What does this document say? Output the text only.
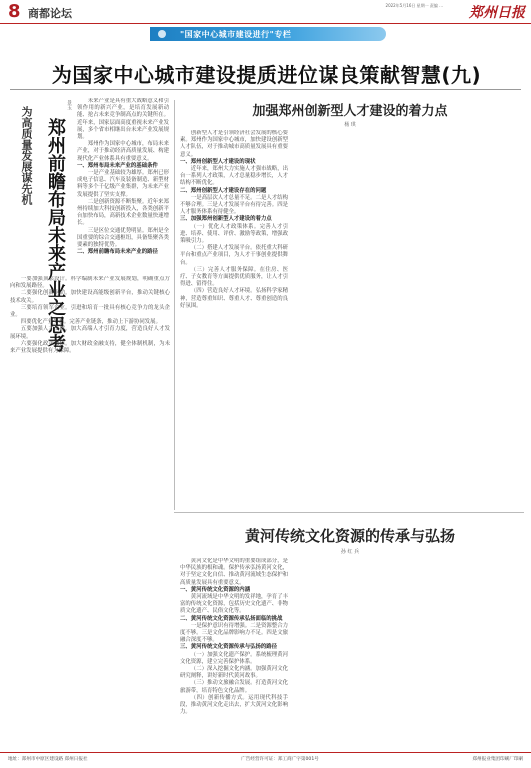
8 商都论坛
2022年5月16日 星期一 责编 ... 郑州日报
"国家中心城市建设进行"专栏
为国家中心城市建设提质进位谋良策献智慧(九)
为高质量发展谋先机 郑州前瞻布局未来产业之思考
景玉	未来产业是具有重大战略意义和引领作用的新兴产业，是培育发展新动能、抢占未来竞争制高点的关键所在。近年来，国家层面高度重视未来产业发展，多个省市相继出台未来产业发展规划。

郑州作为国家中心城市，布局未来产业，对于推动经济高质量发展、构建现代化产业体系具有重要意义。

一、郑州布局未来产业的基础条件

一是产业基础较为雄厚。郑州已形成电子信息、汽车及装备制造、新型材料等多个千亿级产业集群，为未来产业发展提供了坚实支撑。

二是创新资源不断集聚。近年来郑州持续加大科技创新投入，各类创新平台加快布局，高新技术企业数量快速增长。

三是区位交通优势明显。郑州是全国重要的综合交通枢纽，具备集聚各类要素的独特优势。

二、郑州前瞻布局未来产业的路径

一要加强顶层设计。科学编制未来产业发展规划，明确重点方向和发展路径。

二要强化创新驱动。加快建设高能级创新平台，推动关键核心技术攻关。

三要培育领军企业。引进和培育一批具有核心竞争力的龙头企业。

四要优化产业生态。完善产业链条，推动上下游协同发展。

五要加强人才支撑。加大高端人才引育力度，营造良好人才发展环境。

六要强化政策保障。加大财政金融支持，健全体制机制，为未来产业发展提供有力保障。

加强郑州创新型人才建设的着力点
杨 琪

创新型人才是引领经济社会发展的核心要素。郑州作为国家中心城市，加快建设创新型人才队伍，对于推动城市高质量发展具有重要意义。

一、郑州创新型人才建设的现状

近年来，郑州大力实施人才强市战略，出台一系列人才政策，人才总量稳步增长，人才结构不断优化。

二、郑州创新型人才建设存在的问题

一是高层次人才总量不足。二是人才结构不够合理。三是人才发展平台有待完善。四是人才服务体系有待健全。

三、加强郑州创新型人才建设的着力点

（一）优化人才政策体系。完善人才引进、培养、使用、评价、激励等政策，增强政策吸引力。

（二）搭建人才发展平台。依托重大科研平台和重点产业项目，为人才干事创业提供舞台。

（三）完善人才服务保障。在住房、医疗、子女教育等方面提供优质服务，让人才引得进、留得住。

（四）营造良好人才环境。弘扬科学家精神，营造尊重知识、尊重人才、尊重创造的良好氛围。

黄河传统文化资源的传承与弘扬
孙 红 兵

黄河文化是中华文明的重要组成部分，是中华民族的根和魂。保护传承弘扬黄河文化，对于坚定文化自信、推动黄河流域生态保护和高质量发展具有重要意义。

一、黄河传统文化资源的内涵

黄河流域是中华文明的发祥地，孕育了丰富的传统文化资源，包括历史文化遗产、非物质文化遗产、民俗文化等。

二、黄河传统文化资源传承弘扬面临的挑战

一是保护意识有待增强。二是资源整合力度不够。三是文化品牌影响力不足。四是文旅融合深度不够。

三、黄河传统文化资源传承与弘扬的路径

（一）加强文化遗产保护。系统梳理黄河文化资源，建立完善保护体系。

（二）深入挖掘文化内涵。加强黄河文化研究阐释，讲好新时代黄河故事。

（三）推动文旅融合发展。打造黄河文化旅游带，培育特色文化品牌。

（四）创新传播方式。运用现代科技手段，推动黄河文化走出去，扩大黄河文化影响力。

地址：郑州市中原区建设路 郑州日报社	广告经营许可证：郑工商广字第001号	郑州报业集团印刷厂印刷
